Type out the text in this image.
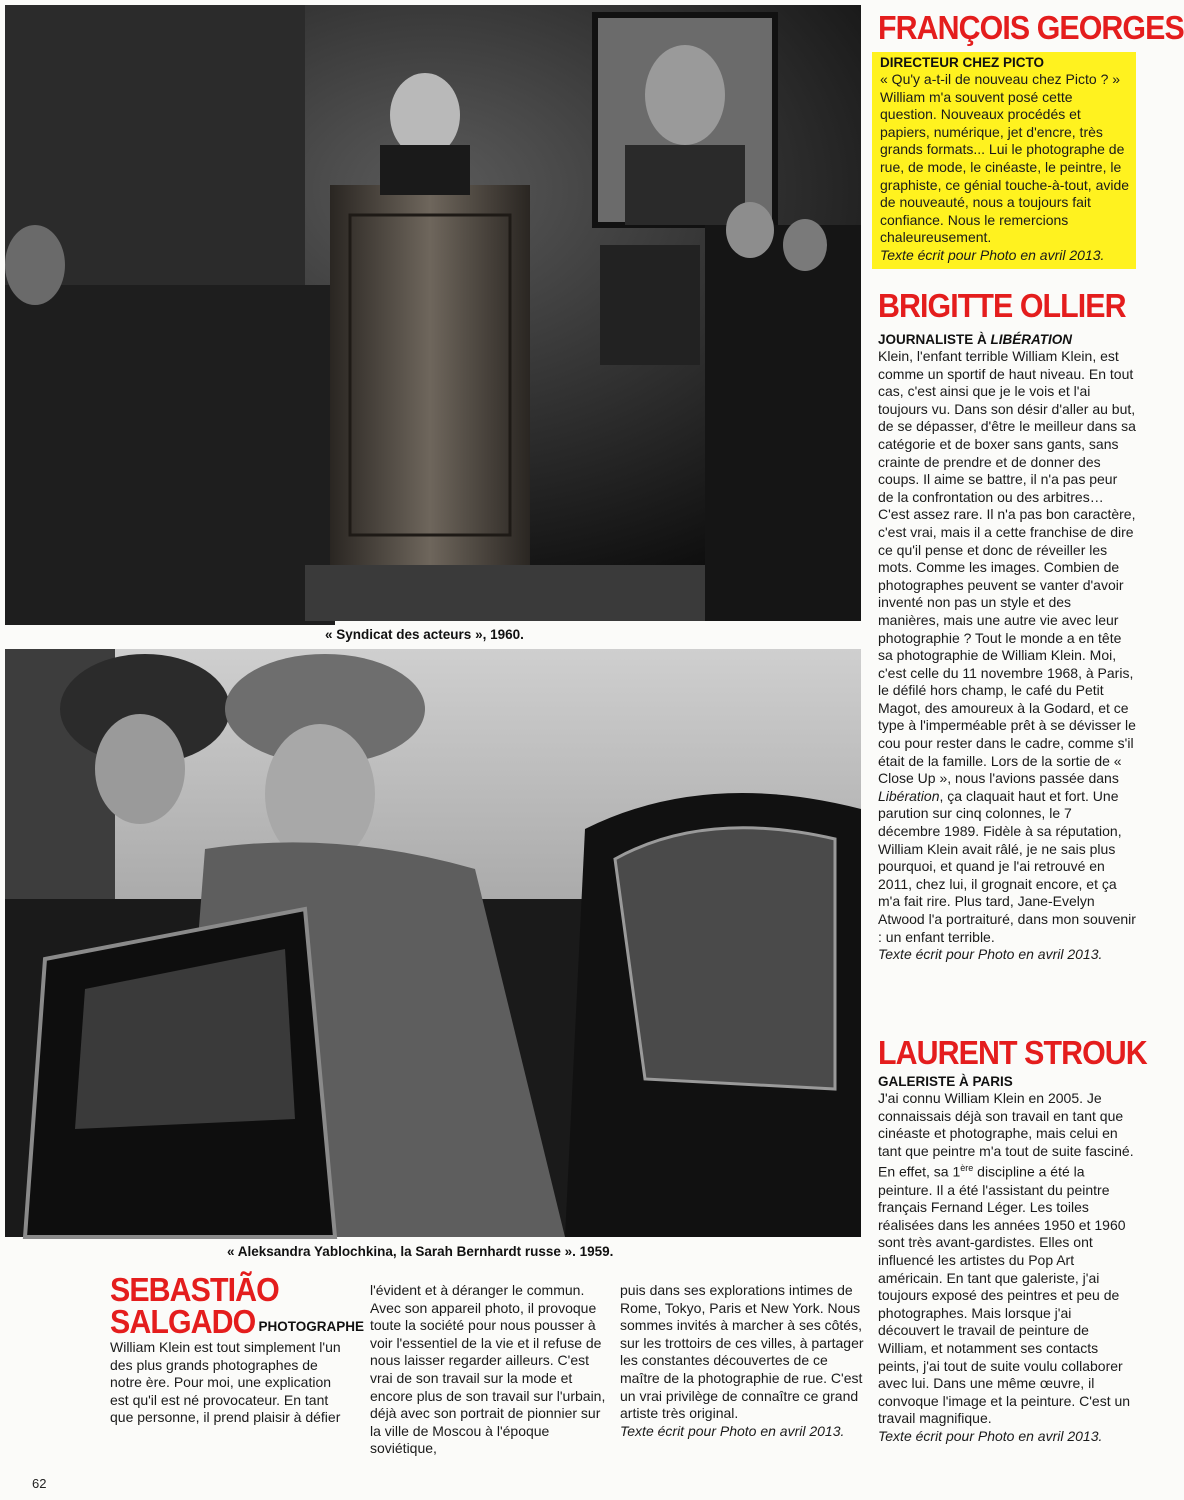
« Syndicat des acteurs », 1960.
« Aleksandra Yablochkina, la Sarah Bernhardt russe ». 1959.
FRANÇOIS GEORGES
DIRECTEUR CHEZ PICTO
« Qu'y a-t-il de nouveau chez Picto ? » William m'a souvent posé cette question. Nouveaux procédés et papiers, numérique, jet d'encre, très grands formats... Lui le photographe de rue, de mode, le cinéaste, le peintre, le graphiste, ce génial touche-à-tout, avide de nouveauté, nous a toujours fait confiance. Nous le remercions chaleureusement.
Texte écrit pour Photo en avril 2013.
BRIGITTE OLLIER
JOURNALISTE À LIBÉRATION
Klein, l'enfant terrible William Klein, est comme un sportif de haut niveau. En tout cas, c'est ainsi que je le vois et l'ai toujours vu. Dans son désir d'aller au but, de se dépasser, d'être le meilleur dans sa catégorie et de boxer sans gants, sans crainte de prendre et de donner des coups. Il aime se battre, il n'a pas peur de la confrontation ou des arbitres… C'est assez rare. Il n'a pas bon caractère, c'est vrai, mais il a cette franchise de dire ce qu'il pense et donc de réveiller les mots. Comme les images. Combien de photographes peuvent se vanter d'avoir inventé non pas un style et des manières, mais une autre vie avec leur photographie ? Tout le monde a en tête sa photographie de William Klein. Moi, c'est celle du 11 novembre 1968, à Paris, le défilé hors champ, le café du Petit Magot, des amoureux à la Godard, et ce type à l'imperméable prêt à se dévisser le cou pour rester dans le cadre, comme s'il était de la famille. Lors de la sortie de « Close Up », nous l'avions passée dans Libération, ça claquait haut et fort. Une parution sur cinq colonnes, le 7 décembre 1989. Fidèle à sa réputation, William Klein avait râlé, je ne sais plus pourquoi, et quand je l'ai retrouvé en 2011, chez lui, il grognait encore, et ça m'a fait rire. Plus tard, Jane-Evelyn Atwood l'a portraituré, dans mon souvenir : un enfant terrible.
Texte écrit pour Photo en avril 2013.
LAURENT STROUK
GALERISTE À PARIS
J'ai connu William Klein en 2005. Je connaissais déjà son travail en tant que cinéaste et photographe, mais celui en tant que peintre m'a tout de suite fasciné. En effet, sa 1ère discipline a été la peinture. Il a été l'assistant du peintre français Fernand Léger. Les toiles réalisées dans les années 1950 et 1960 sont très avant-gardistes. Elles ont influencé les artistes du Pop Art américain. En tant que galeriste, j'ai toujours exposé des peintres et peu de photographes. Mais lorsque j'ai découvert le travail de peinture de William, et notamment ses contacts peints, j'ai tout de suite voulu collaborer avec lui. Dans une même œuvre, il convoque l'image et la peinture. C'est un travail magnifique.
Texte écrit pour Photo en avril 2013.
SEBASTIÃO
SALGADO PHOTOGRAPHE
William Klein est tout simplement l'un des plus grands photographes de notre ère. Pour moi, une explication est qu'il est né provocateur. En tant que personne, il prend plaisir à défier
l'évident et à déranger le commun. Avec son appareil photo, il provoque toute la société pour nous pousser à voir l'essentiel de la vie et il refuse de nous laisser regarder ailleurs. C'est vrai de son travail sur la mode et encore plus de son travail sur l'urbain, déjà avec son portrait de pionnier sur la ville de Moscou à l'époque soviétique,
puis dans ses explorations intimes de Rome, Tokyo, Paris et New York. Nous sommes invités à marcher à ses côtés, sur les trottoirs de ces villes, à partager les constantes découvertes de ce maître de la photographie de rue. C'est un vrai privilège de connaître ce grand artiste très original.
Texte écrit pour Photo en avril 2013.
62
